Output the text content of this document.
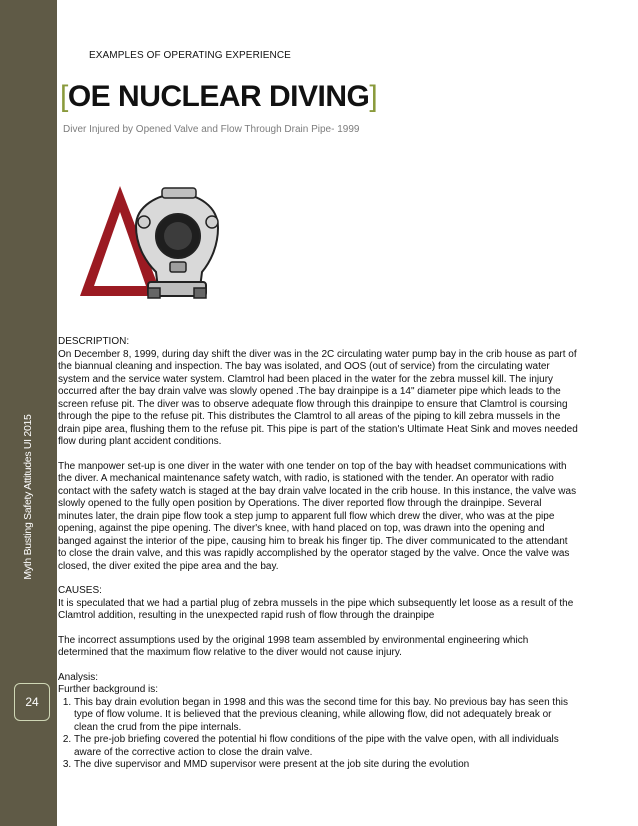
Myth Busting Safety Attitudes UI 2015
24
EXAMPLES OF OPERATING EXPERIENCE
[OE NUCLEAR DIVING]
Diver Injured by Opened Valve and Flow Through Drain Pipe- 1999

DESCRIPTION:

On December 8, 1999, during day shift the diver was in the 2C circulating water pump bay in the crib house as part of the biannual cleaning and inspection. The bay was isolated, and OOS (out of service) from the circulating water system and the service water system. Clamtrol had been placed in the water for the zebra mussel kill. The injury occurred after the bay drain valve was slowly opened .The bay drainpipe is a 14" diameter pipe which leads to the screen refuse pit. The diver was to observe adequate flow through this drainpipe to ensure that Clamtrol is coursing through the pipe to the refuse pit. This distributes the Clamtrol to all areas of the piping to kill zebra mussels in the drain pipe area, flushing them to the refuse pit. This pipe is part of the station's Ultimate Heat Sink and moves needed flow during plant accident conditions.

The manpower set-up is one diver in the water with one tender on top of the bay with headset communications with the diver. A mechanical maintenance safety watch, with radio, is stationed with the tender. An operator with radio contact with the safety watch is staged at the bay drain valve located in the crib house. In this instance, the valve was slowly opened to the fully open position by Operations. The diver reported flow through the drainpipe. Several minutes later, the drain pipe flow took a step jump to apparent full flow which drew the diver, who was at the pipe opening, against the pipe opening. The diver's knee, with hand placed on top, was drawn into the opening and banged against the interior of the pipe, causing him to break his finger tip. The diver communicated to the attendant to close the drain valve, and this was rapidly accomplished by the operator staged by the valve. Once the valve was closed, the diver exited the pipe area and the bay.

CAUSES:

It is speculated that we had a partial plug of zebra mussels in the pipe which subsequently let loose as a result of the Clamtrol addition, resulting in the unexpected rapid rush of flow through the drainpipe

The incorrect assumptions used by the original 1998 team assembled by environmental engineering which determined that the maximum flow relative to the diver would not cause injury.

Analysis:

Further background is:

1. This bay drain evolution began in 1998 and this was the second time for this bay. No previous bay has seen this type of flow volume. It is believed that the previous cleaning, while allowing flow, did not adequately break or clean the crud from the pipe internals.
2. The pre-job briefing covered the potential hi flow conditions of the pipe with the valve open, with all individuals aware of the corrective action to close the drain valve.
3. The dive supervisor and MMD supervisor were present at the job site during the evolution
